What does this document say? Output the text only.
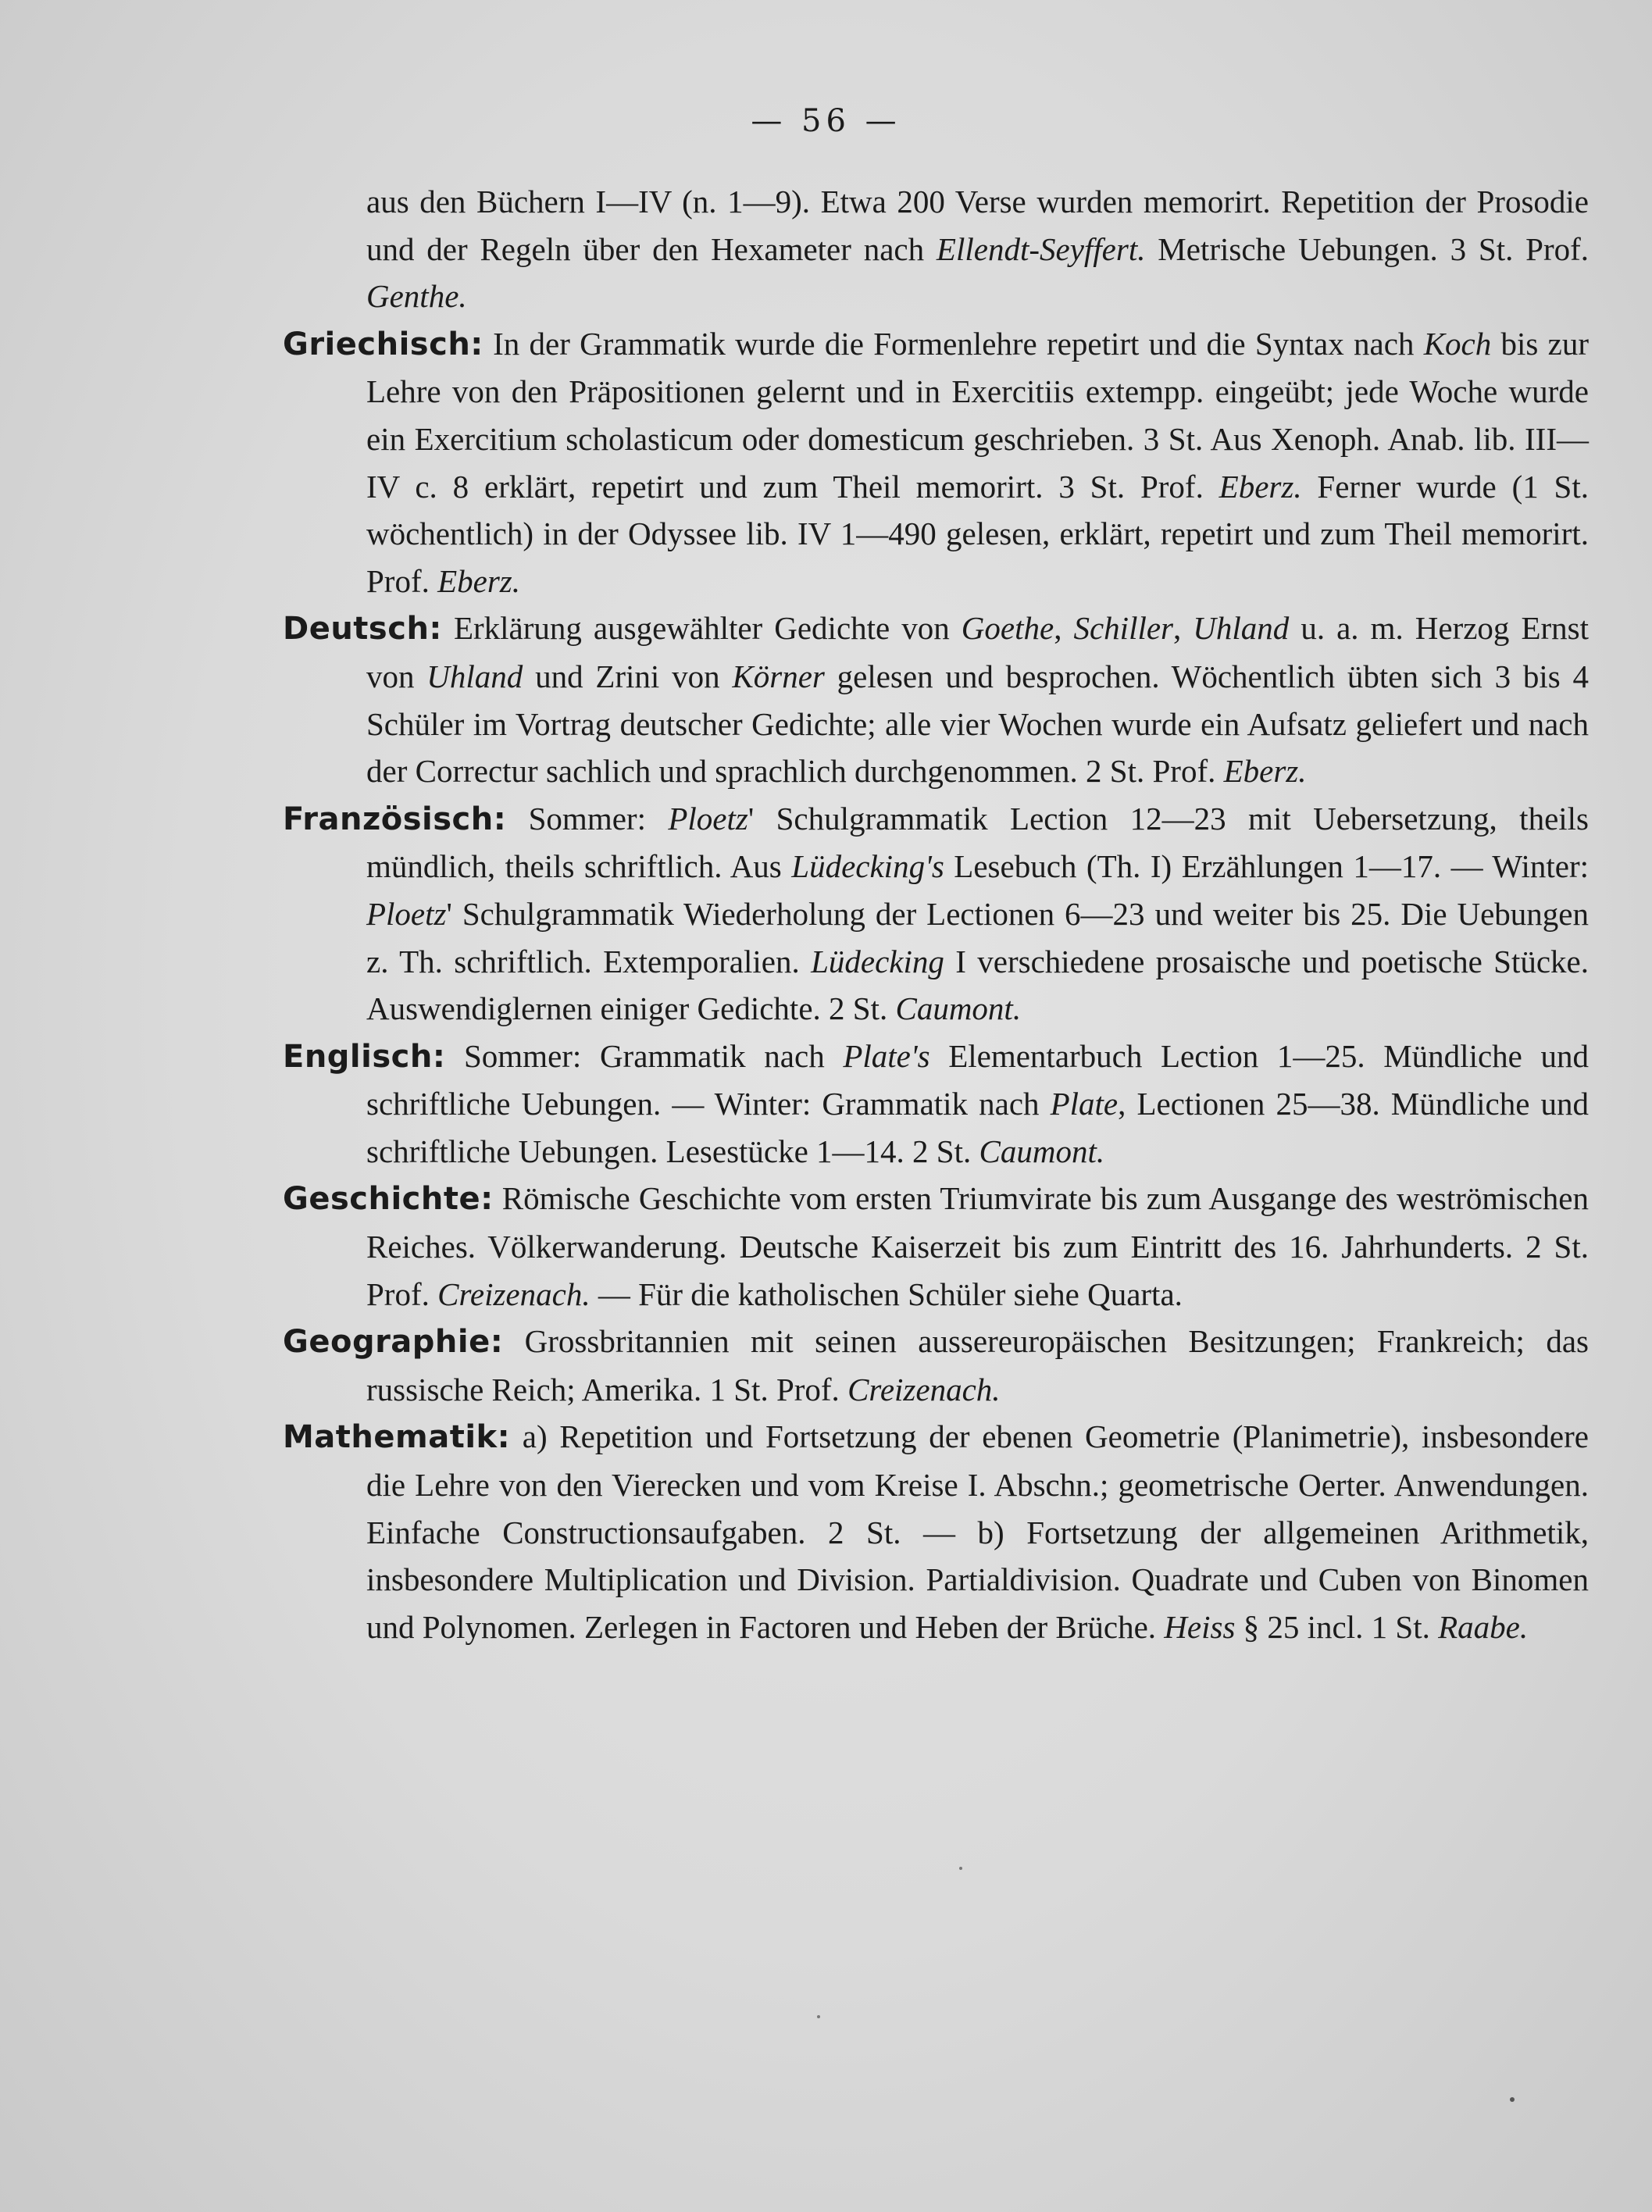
— 56 —

aus den Büchern I—IV (n. 1—9). Etwa 200 Verse wurden memorirt. Repetition der Prosodie und der Regeln über den Hexameter nach Ellendt-Seyffert. Metrische Uebungen. 3 St. Prof. Genthe.

Griechisch: In der Grammatik wurde die Formenlehre repetirt und die Syntax nach Koch bis zur Lehre von den Präpositionen gelernt und in Exercitiis extempp. eingeübt; jede Woche wurde ein Exercitium scholasticum oder domesticum geschrieben. 3 St. Aus Xenoph. Anab. lib. III—IV c. 8 erklärt, repetirt und zum Theil memorirt. 3 St. Prof. Eberz. Ferner wurde (1 St. wöchentlich) in der Odyssee lib. IV 1—490 gelesen, erklärt, repetirt und zum Theil memorirt. Prof. Eberz.

Deutsch: Erklärung ausgewählter Gedichte von Goethe, Schiller, Uhland u. a. m. Herzog Ernst von Uhland und Zrini von Körner gelesen und besprochen. Wöchentlich übten sich 3 bis 4 Schüler im Vortrag deutscher Gedichte; alle vier Wochen wurde ein Aufsatz geliefert und nach der Correctur sachlich und sprachlich durchgenommen. 2 St. Prof. Eberz.

Französisch: Sommer: Ploetz' Schulgrammatik Lection 12—23 mit Uebersetzung, theils mündlich, theils schriftlich. Aus Lüdecking's Lesebuch (Th. I) Erzählungen 1—17. — Winter: Ploetz' Schulgrammatik Wiederholung der Lectionen 6—23 und weiter bis 25. Die Uebungen z. Th. schriftlich. Extemporalien. Lüdecking I verschiedene prosaische und poetische Stücke. Auswendiglernen einiger Gedichte. 2 St. Caumont.

Englisch: Sommer: Grammatik nach Plate's Elementarbuch Lection 1—25. Mündliche und schriftliche Uebungen. — Winter: Grammatik nach Plate, Lectionen 25—38. Mündliche und schriftliche Uebungen. Lesestücke 1—14. 2 St. Caumont.

Geschichte: Römische Geschichte vom ersten Triumvirate bis zum Ausgange des weströmischen Reiches. Völkerwanderung. Deutsche Kaiserzeit bis zum Eintritt des 16. Jahrhunderts. 2 St. Prof. Creizenach. — Für die katholischen Schüler siehe Quarta.

Geographie: Grossbritannien mit seinen aussereuropäischen Besitzungen; Frankreich; das russische Reich; Amerika. 1 St. Prof. Creizenach.

Mathematik: a) Repetition und Fortsetzung der ebenen Geometrie (Planimetrie), insbesondere die Lehre von den Vierecken und vom Kreise I. Abschn.; geometrische Oerter. Anwendungen. Einfache Constructionsaufgaben. 2 St. — b) Fortsetzung der allgemeinen Arithmetik, insbesondere Multiplication und Division. Partialdivision. Quadrate und Cuben von Binomen und Polynomen. Zerlegen in Factoren und Heben der Brüche. Heiss § 25 incl. 1 St. Raabe.
